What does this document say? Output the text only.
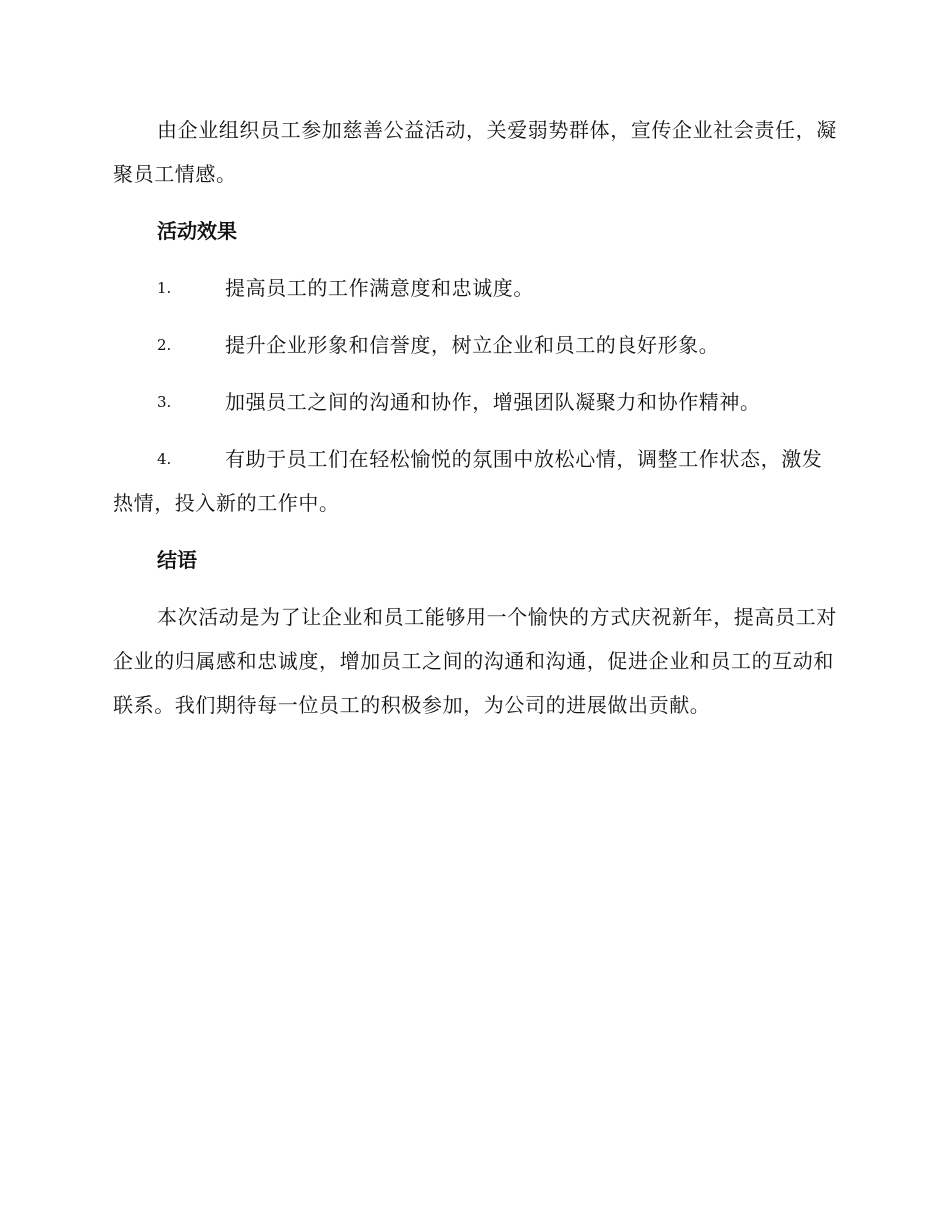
由企业组织员工参加慈善公益活动，关爱弱势群体，宣传企业社会责任，凝聚员工情感。

活动效果

1.	提高员工的工作满意度和忠诚度。

2.	提升企业形象和信誉度，树立企业和员工的良好形象。

3.	加强员工之间的沟通和协作，增强团队凝聚力和协作精神。

4.	有助于员工们在轻松愉悦的氛围中放松心情，调整工作状态，激发热情，投入新的工作中。

结语

本次活动是为了让企业和员工能够用一个愉快的方式庆祝新年，提高员工对企业的归属感和忠诚度，增加员工之间的沟通和沟通，促进企业和员工的互动和联系。我们期待每一位员工的积极参加，为公司的进展做出贡献。
